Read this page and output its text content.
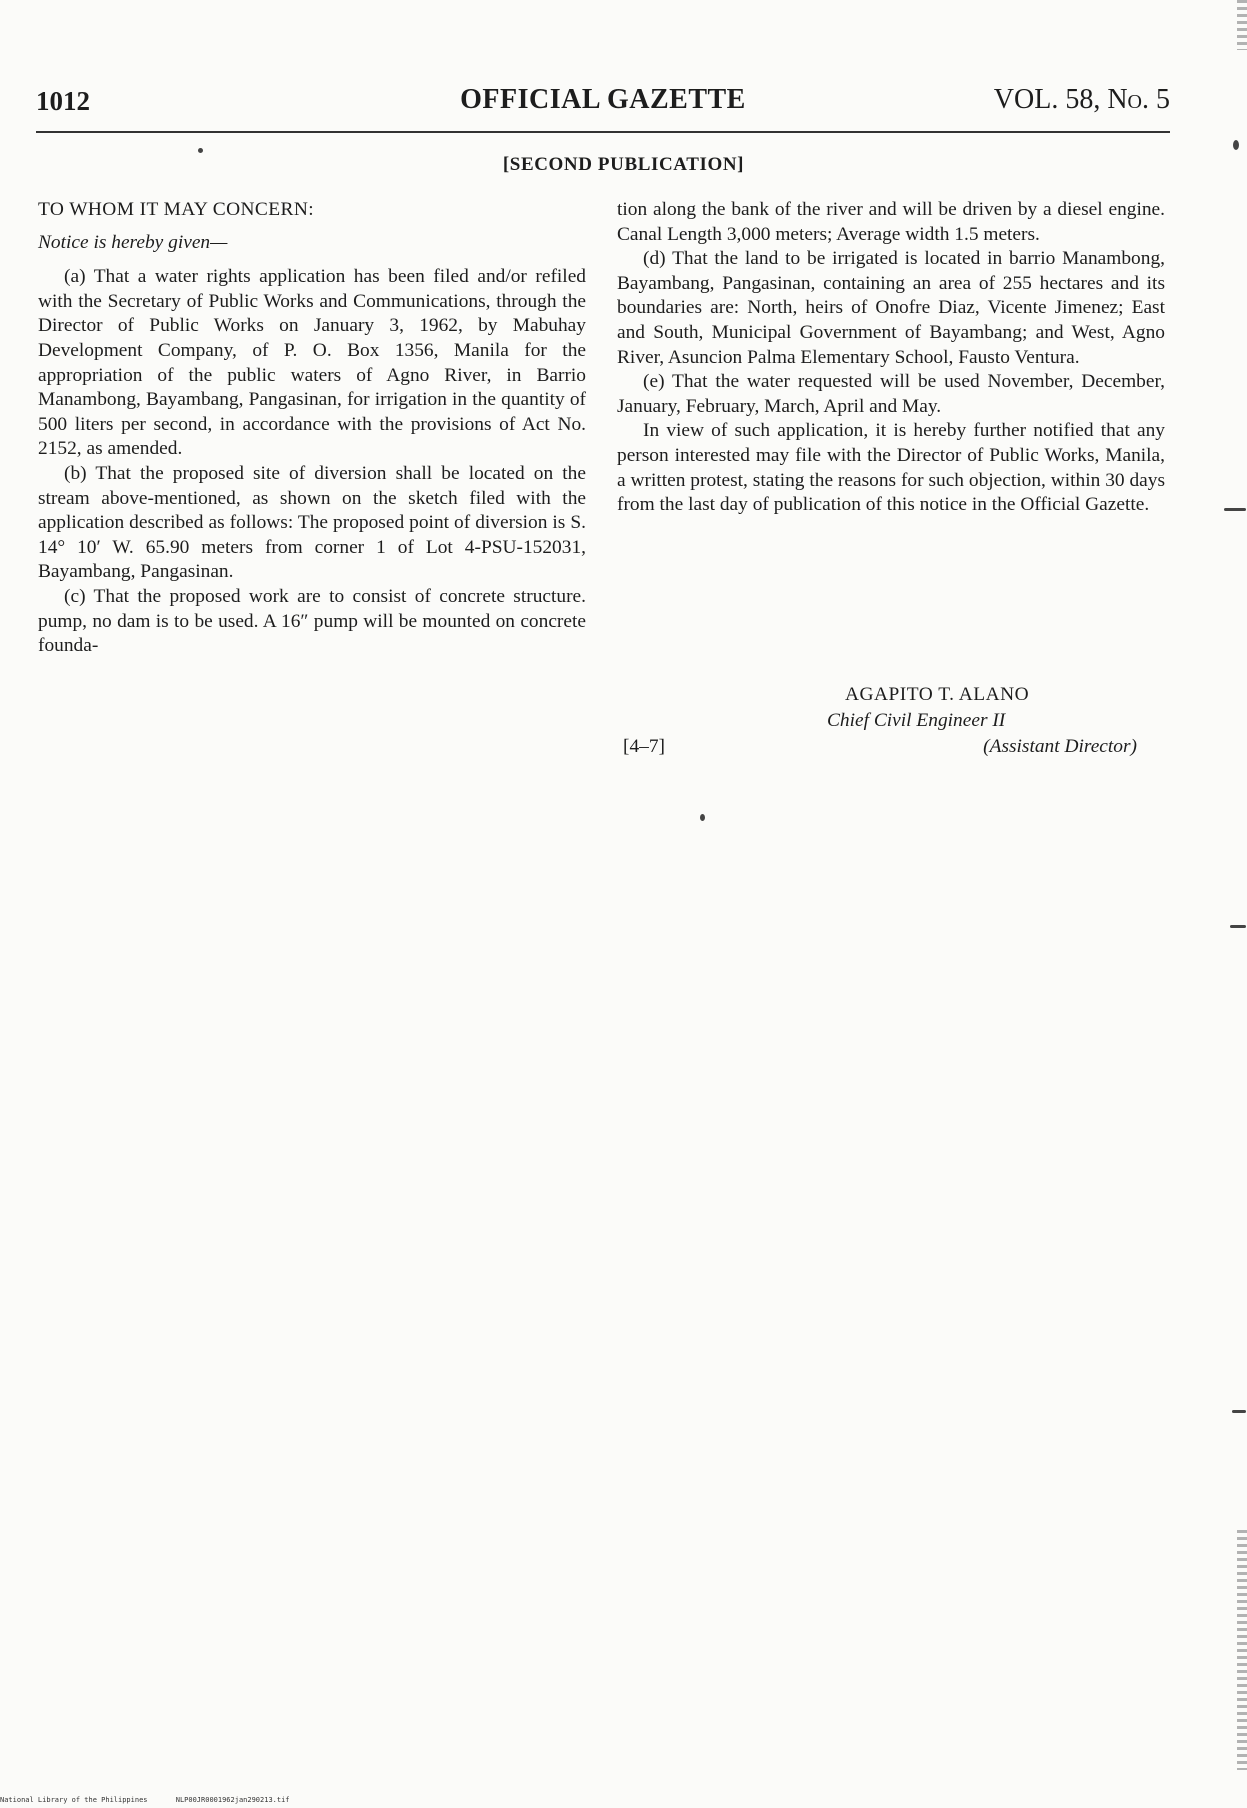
1012	OFFICIAL GAZETTE	VOL. 58, No. 5
[SECOND PUBLICATION]

TO WHOM IT MAY CONCERN:

Notice is hereby given—

(a) That a water rights application has been filed and/or refiled with the Secretary of Public Works and Communications, through the Director of Public Works on January 3, 1962, by Mabuhay Development Company, of P. O. Box 1356, Manila for the appropriation of the public waters of Agno River, in Barrio Manambong, Bayambang, Pangasinan, for irrigation in the quantity of 500 liters per second, in accordance with the provisions of Act No. 2152, as amended.

(b) That the proposed site of diversion shall be located on the stream above-mentioned, as shown on the sketch filed with the application described as follows: The proposed point of diversion is S. 14° 10′ W. 65.90 meters from corner 1 of Lot 4-PSU-152031, Bayambang, Pangasinan.

(c) That the proposed work are to consist of concrete structure. pump, no dam is to be used. A 16″ pump will be mounted on concrete founda-

tion along the bank of the river and will be driven by a diesel engine. Canal Length 3,000 meters; Average width 1.5 meters.

(d) That the land to be irrigated is located in barrio Manambong, Bayambang, Pangasinan, containing an area of 255 hectares and its boundaries are: North, heirs of Onofre Diaz, Vicente Jimenez; East and South, Municipal Government of Bayambang; and West, Agno River, Asuncion Palma Elementary School, Fausto Ventura.

(e) That the water requested will be used November, December, January, February, March, April and May.

In view of such application, it is hereby further notified that any person interested may file with the Director of Public Works, Manila, a written protest, stating the reasons for such objection, within 30 days from the last day of publication of this notice in the Official Gazette.

AGAPITO T. ALANO
Chief Civil Engineer II
[4–7]	(Assistant Director)
National Library of the Philippines	NLP00JR0001962jan290213.tif
